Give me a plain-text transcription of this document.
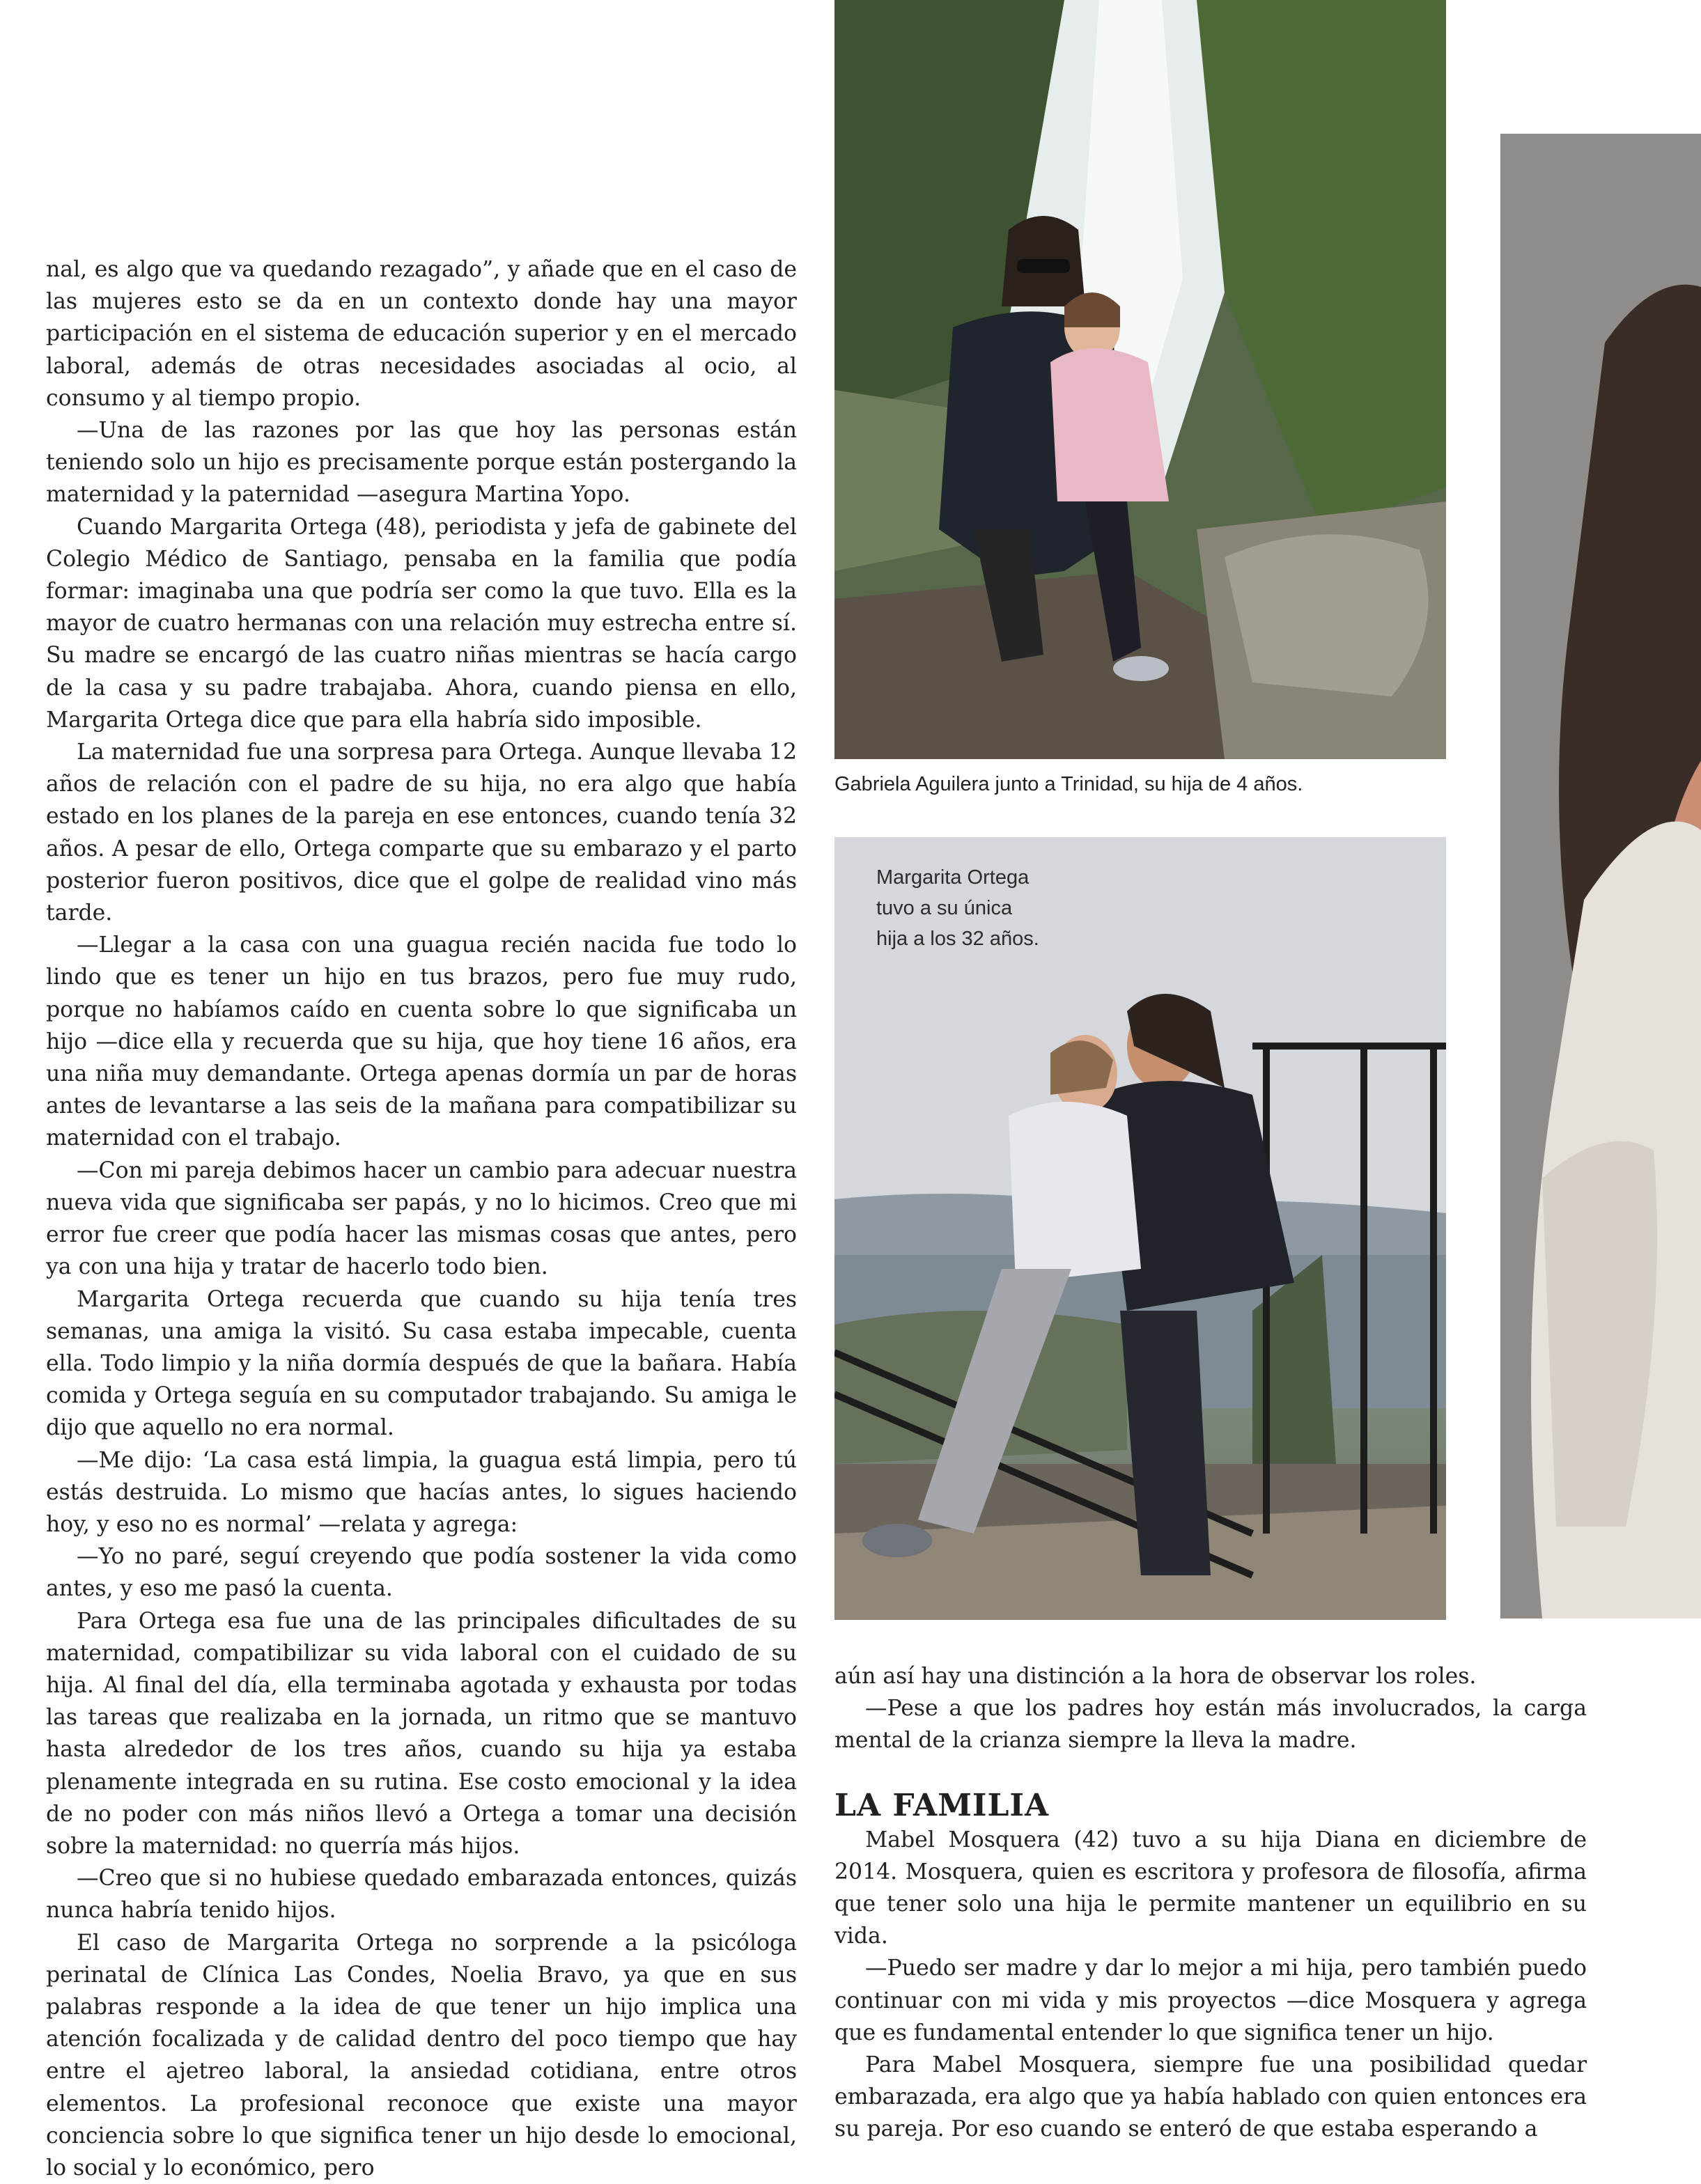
nal, es algo que va quedando rezagado”, y añade que en el caso de las mujeres esto se da en un contexto donde hay una mayor participación en el sistema de educación superior y en el mercado laboral, además de otras necesidades asociadas al ocio, al consumo y al tiempo propio.

—Una de las razones por las que hoy las personas están teniendo solo un hijo es precisamente porque están postergando la maternidad y la paternidad —asegura Martina Yopo.

Cuando Margarita Ortega (48), periodista y jefa de gabinete del Colegio Médico de Santiago, pensaba en la familia que podía formar: imaginaba una que podría ser como la que tuvo. Ella es la mayor de cuatro hermanas con una relación muy estrecha entre sí. Su madre se encargó de las cuatro niñas mientras se hacía cargo de la casa y su padre trabajaba. Ahora, cuando piensa en ello, Margarita Ortega dice que para ella habría sido imposible.

La maternidad fue una sorpresa para Ortega. Aunque llevaba 12 años de relación con el padre de su hija, no era algo que había estado en los planes de la pareja en ese entonces, cuando tenía 32 años. A pesar de ello, Ortega comparte que su embarazo y el parto posterior fueron positivos, dice que el golpe de realidad vino más tarde.

—Llegar a la casa con una guagua recién nacida fue todo lo lindo que es tener un hijo en tus brazos, pero fue muy rudo, porque no habíamos caído en cuenta sobre lo que significaba un hijo —dice ella y recuerda que su hija, que hoy tiene 16 años, era una niña muy demandante. Ortega apenas dormía un par de horas antes de levantarse a las seis de la mañana para compatibilizar su maternidad con el trabajo.

—Con mi pareja debimos hacer un cambio para adecuar nuestra nueva vida que significaba ser papás, y no lo hicimos. Creo que mi error fue creer que podía hacer las mismas cosas que antes, pero ya con una hija y tratar de hacerlo todo bien.

Margarita Ortega recuerda que cuando su hija tenía tres semanas, una amiga la visitó. Su casa estaba impecable, cuenta ella. Todo limpio y la niña dormía después de que la bañara. Había comida y Ortega seguía en su computador trabajando. Su amiga le dijo que aquello no era normal.

—Me dijo: ‘La casa está limpia, la guagua está limpia, pero tú estás destruida. Lo mismo que hacías antes, lo sigues haciendo hoy, y eso no es normal’ —relata y agrega:

—Yo no paré, seguí creyendo que podía sostener la vida como antes, y eso me pasó la cuenta.

Para Ortega esa fue una de las principales dificultades de su maternidad, compatibilizar su vida laboral con el cuidado de su hija. Al final del día, ella terminaba agotada y exhausta por todas las tareas que realizaba en la jornada, un ritmo que se mantuvo hasta alrededor de los tres años, cuando su hija ya estaba plenamente integrada en su rutina. Ese costo emocional y la idea de no poder con más niños llevó a Ortega a tomar una decisión sobre la maternidad: no querría más hijos.

—Creo que si no hubiese quedado embarazada entonces, quizás nunca habría tenido hijos.

El caso de Margarita Ortega no sorprende a la psicóloga perinatal de Clínica Las Condes, Noelia Bravo, ya que en sus palabras responde a la idea de que tener un hijo implica una atención focalizada y de calidad dentro del poco tiempo que hay entre el ajetreo laboral, la ansiedad cotidiana, entre otros elementos. La profesional reconoce que existe una mayor conciencia sobre lo que significa tener un hijo desde lo emocional, lo social y lo económico, pero

Gabriela Aguilera junto a Trinidad, su hija de 4 años.
Margarita Ortega
tuvo a su única
hija a los 32 años.

aún así hay una distinción a la hora de observar los roles.

—Pese a que los padres hoy están más involucrados, la carga mental de la crianza siempre la lleva la madre.

LA FAMILIA

Mabel Mosquera (42) tuvo a su hija Diana en diciembre de 2014. Mosquera, quien es escritora y profesora de filosofía, afirma que tener solo una hija le permite mantener un equilibrio en su vida.

—Puedo ser madre y dar lo mejor a mi hija, pero también puedo continuar con mi vida y mis proyectos —dice Mosquera y agrega que es fundamental entender lo que significa tener un hijo.

Para Mabel Mosquera, siempre fue una posibilidad quedar embarazada, era algo que ya había hablado con quien entonces era su pareja. Por eso cuando se enteró de que estaba esperando a
